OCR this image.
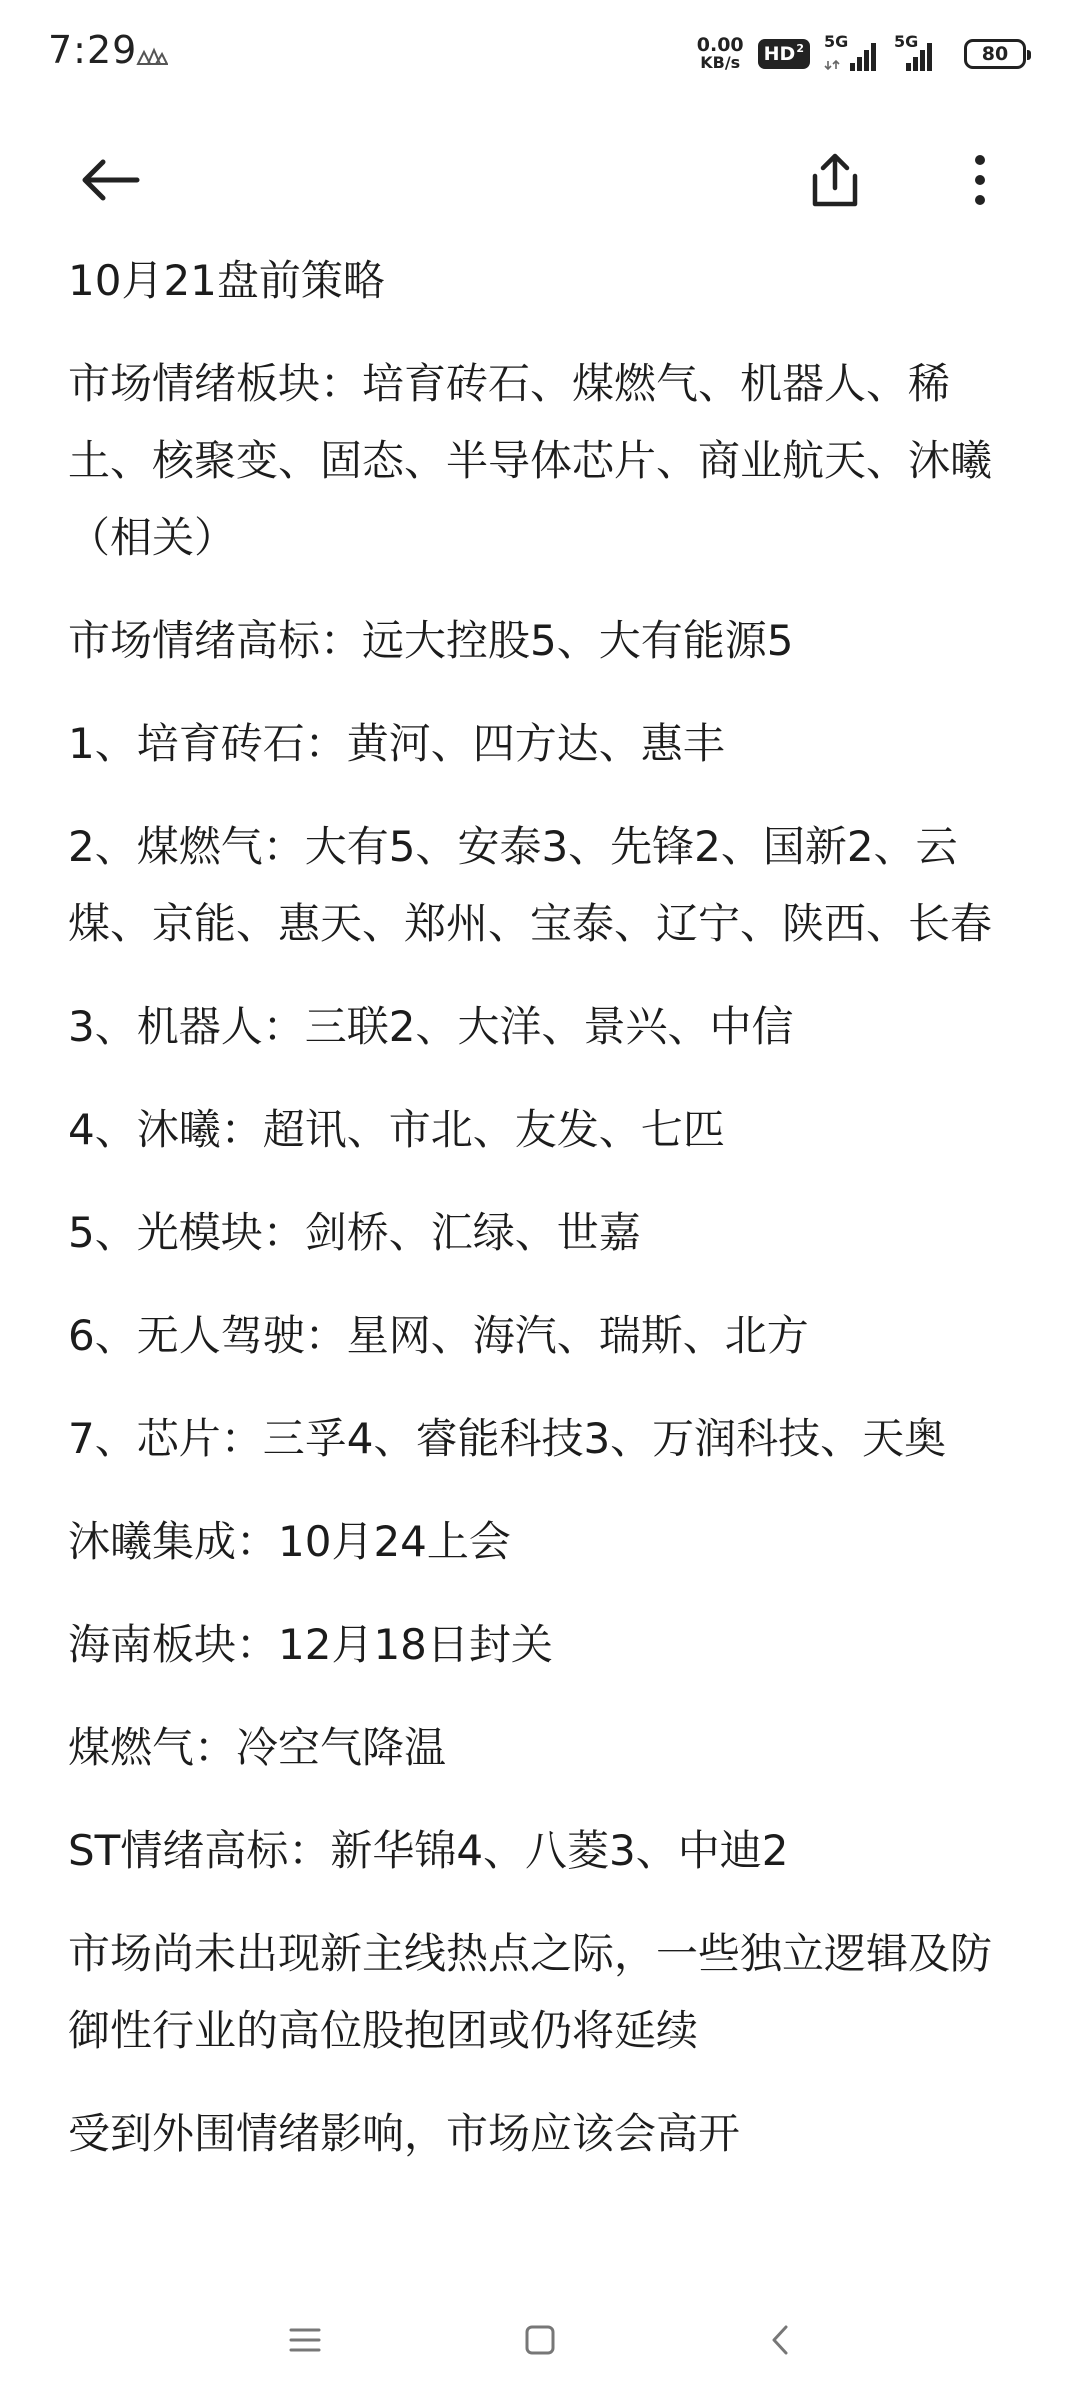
7:29	0.00
KB/s $HD^2$ 5G	5G
80

10月21盘前策略

市场情绪板块：培育砖石、煤燃气、机器人、稀土、核聚变、固态、半导体芯片、商业航天、沐曦（相关）

市场情绪高标：远大控股5、大有能源5

1、培育砖石：黄河、四方达、惠丰

2、煤燃气：大有5、安泰3、先锋2、国新2、云煤、京能、惠天、郑州、宝泰、辽宁、陕西、长春

3、机器人：三联2、大洋、景兴、中信

4、沐曦：超讯、市北、友发、七匹

5、光模块：剑桥、汇绿、世嘉

6、无人驾驶：星网、海汽、瑞斯、北方

7、芯片：三孚4、睿能科技3、万润科技、天奥

沐曦集成：10月24上会

海南板块：12月18日封关

煤燃气：冷空气降温

ST情绪高标：新华锦4、八菱3、中迪2

市场尚未出现新主线热点之际，一些独立逻辑及防御性行业的高位股抱团或仍将延续

受到外围情绪影响，市场应该会高开
